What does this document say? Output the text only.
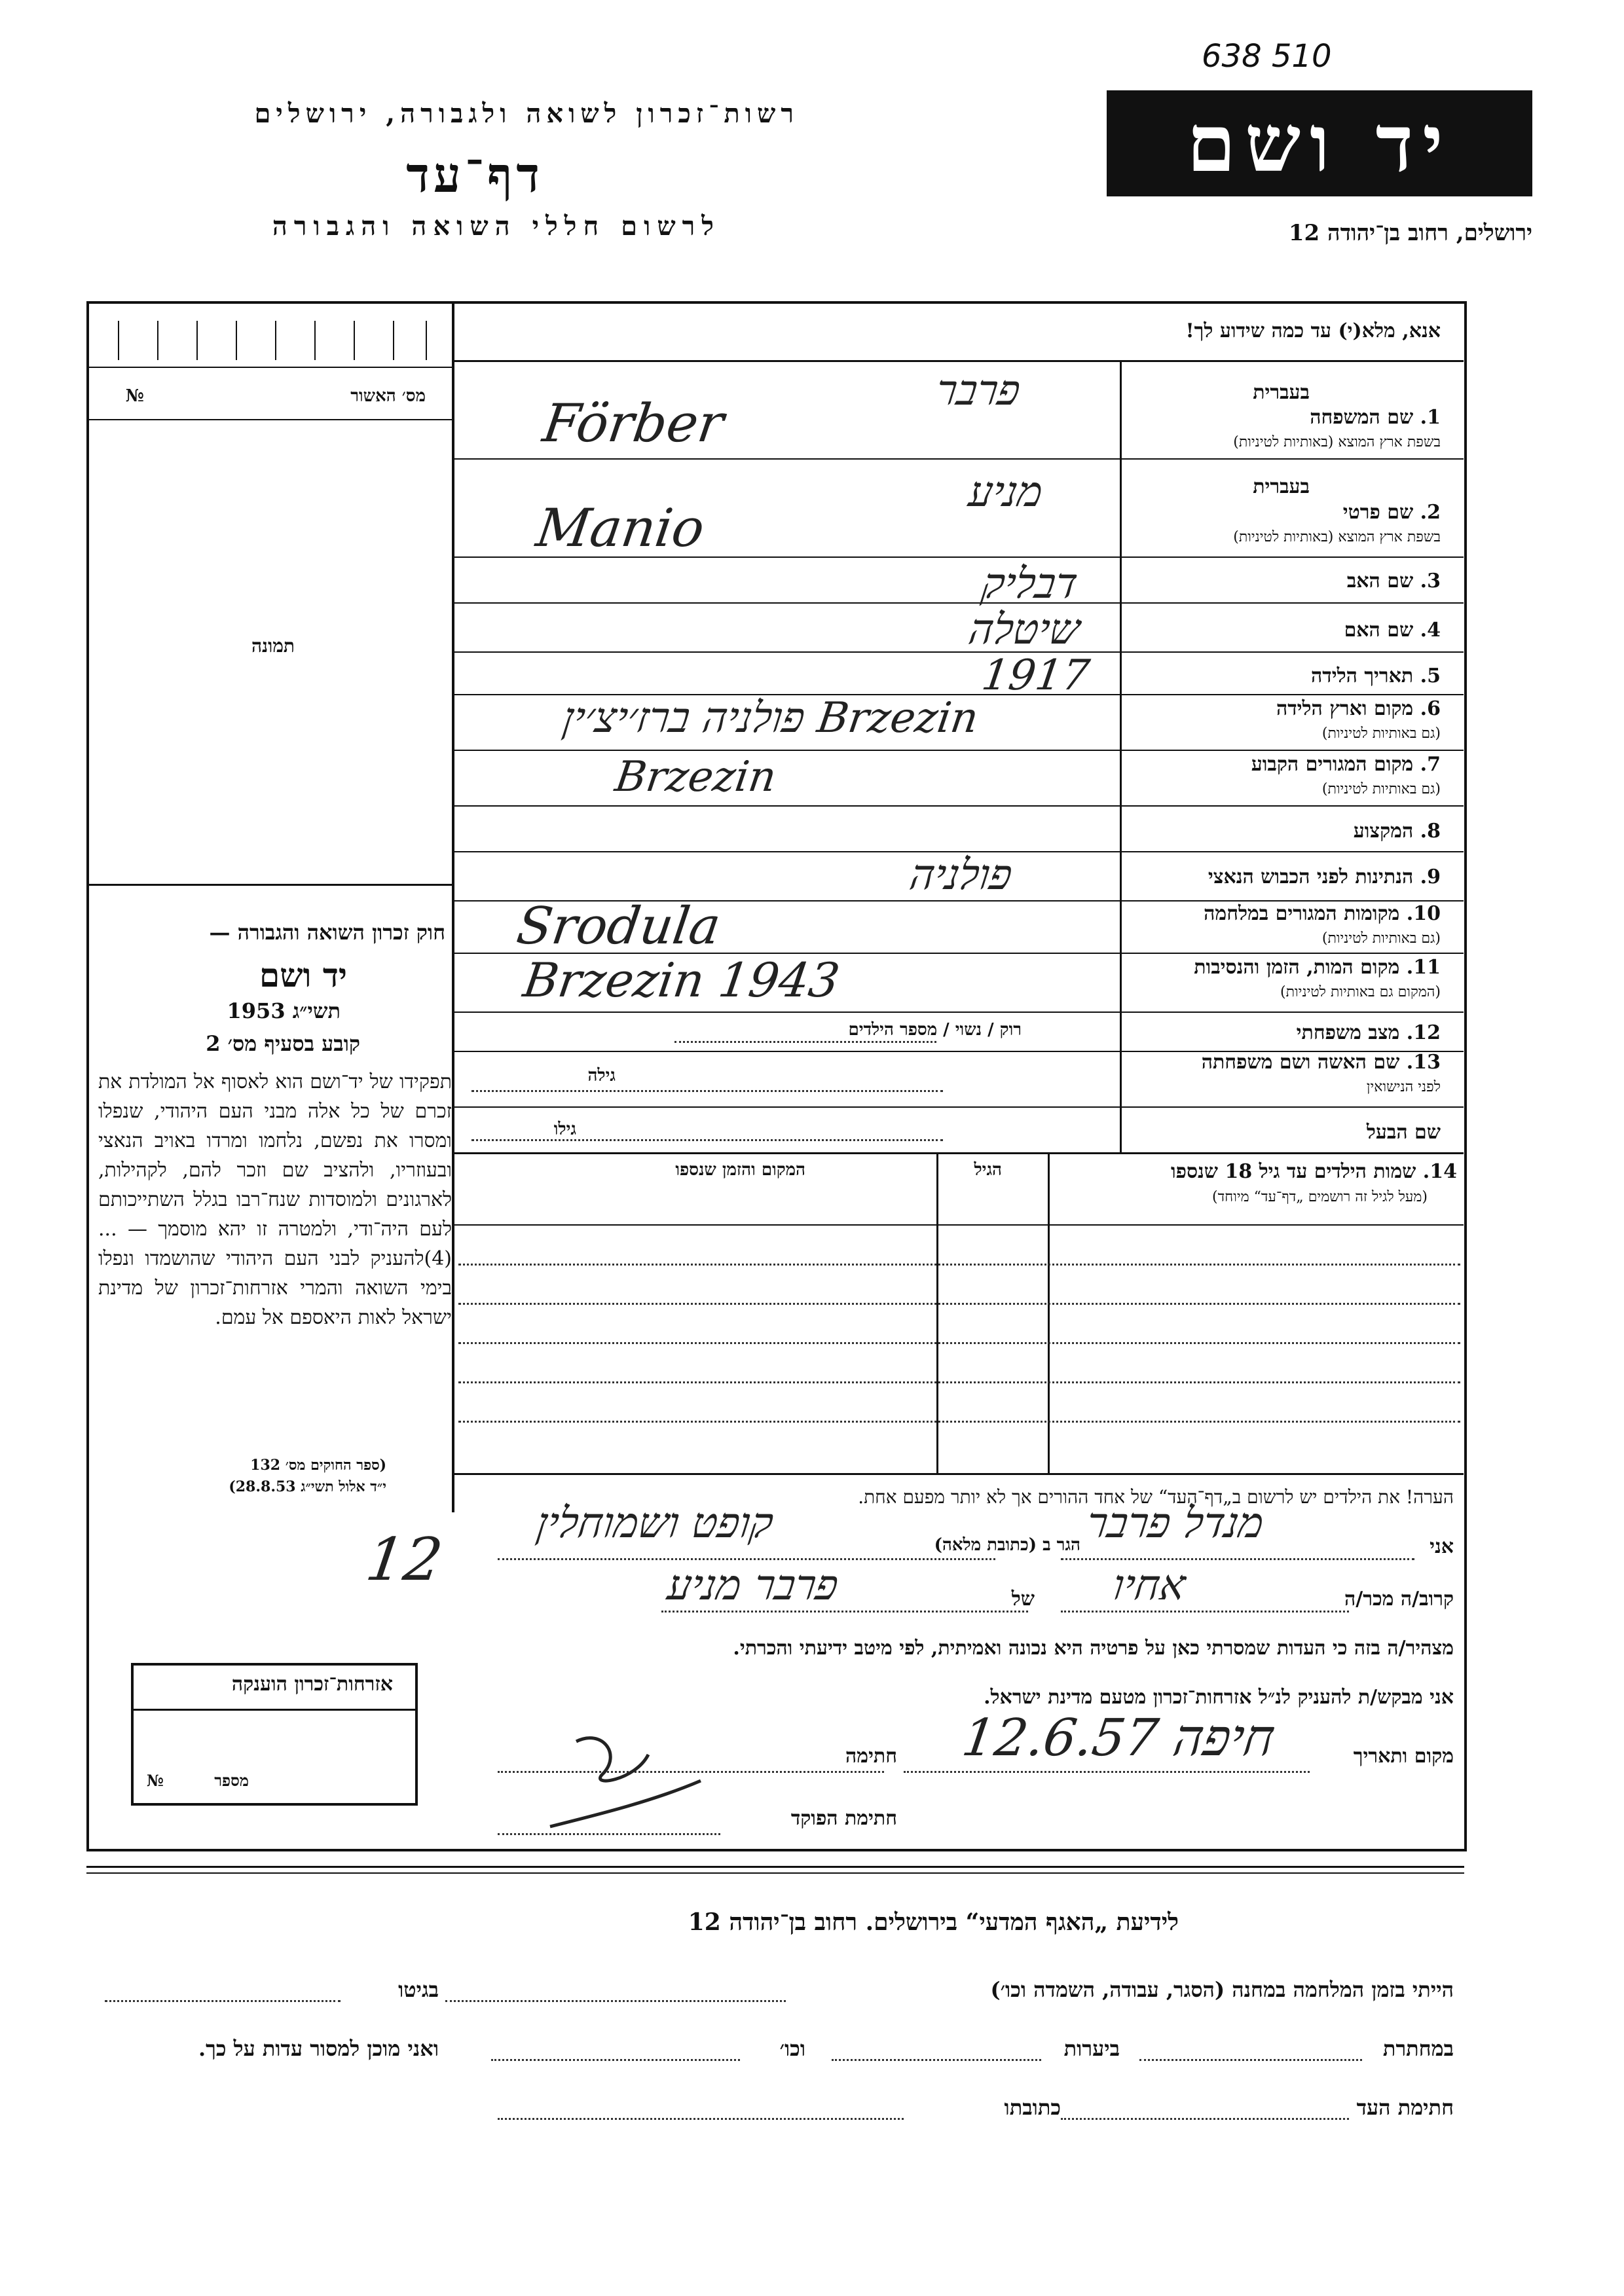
רשות־זכרון לשואה ולגבורה, ירושלים
דף־עד
לרשום חללי השואה והגבורה
638 510
יד ושם
ירושלים, רחוב בן־יהודה 12
אנא, מלא(י) עד כמה שידוע לך!
מס׳ האשור
№
תמונה
1. שם המשפחה
בשפת ארץ המוצא (באותיות לטיניות)
בעברית
2. שם פרטי
בשפת ארץ המוצא (באותיות לטיניות)
בעברית
3. שם האב
4. שם האם
5. תאריך הלידה
6. מקום וארץ הלידה
(גם באותיות לטיניות)
7. מקום המגורים הקבוע
(גם באותיות לטיניות)
8. המקצוע
9. הנתינות לפני הכבוש הנאצי
10. מקומות המגורים במלחמה
(גם באותיות לטיניות)
11. מקום המות, הזמן והנסיבות
(המקום גם באותיות לטיניות)
12. מצב משפחתי
13. שם האשה ושם משפחתה
לפני הנישואין
רוק / נשוי / מספר הילדים
גילה
שם הבעל
גילו
14. שמות הילדים עד גיל 18 שנספו
(מעל לגיל זה רושמים „דף־עד“ מיוחד)
הגיל
המקום והזמן שנספו
Förber
פרבר
Manio
מניע
דבליק
שיטלה
1917
פולניה ברז׳יצ׳ין Brzezin
Brzezin
פולניה
Srodula
Brzezin 1943
חוק זכרון השואה והגבורה —
יד ושם
תשי״ג 1953
קובע בסעיף מס׳ 2
תפקידו של יד־ושם הוא לאסוף אל המולדת את זכרם של כל אלה מבני העם היהודי, שנפלו ומסרו את נפשם, נלחמו ומרדו באויב הנאצי ובעוזריו, ולהציב שם וזכר להם, לקהילות, לארגונים ולמוסדות שנח־רבו בגלל השתייכותם לעם היה־ודי, ולמטרה זו יהא מוסמך — ...(4)להעניק לבני העם היהודי שהושמדו ונפלו בימי השואה והמרי אזרחות־זכרון של מדינת ישראל לאות היאספם אל עמם.
(ספר החוקים מס׳ 132
י״ד אלול תשי״ג 28.8.53)
אזרחות־זכרון הוענקה
מספר
№
הערה! את הילדים יש לרשום ב„דף־העד“ של אחד ההורים אך לא יותר מפעם אחת.
אני
הגר ב (כתובת מלאה) מנדל פרבר
קופט ושמוחלין
12
קרוב/ה מכר/ה
של אחיו
פרבר מניע
מצהיר/ה בזה כי העדות שמסרתי כאן על פרטיה היא נכונה ואמיתית, לפי מיטב ידיעתי והכרתי.
אני מבקש/ת להעניק לנ״ל אזרחות־זכרון מטעם מדינת ישראל.
מקום ותאריך
חיפה 12.6.57
חתימה
חתימת הפוקד
לידיעת „האגף המדעי“ בירושלים. רחוב בן־יהודה 12
הייתי בזמן המלחמה במחנה (הסגר, עבודה, השמדה וכו׳)
בגיטו
במחתרת
ביערות
וכו׳
ואני מוכן למסור עדות על כך.
חתימת העד
כתובתו
